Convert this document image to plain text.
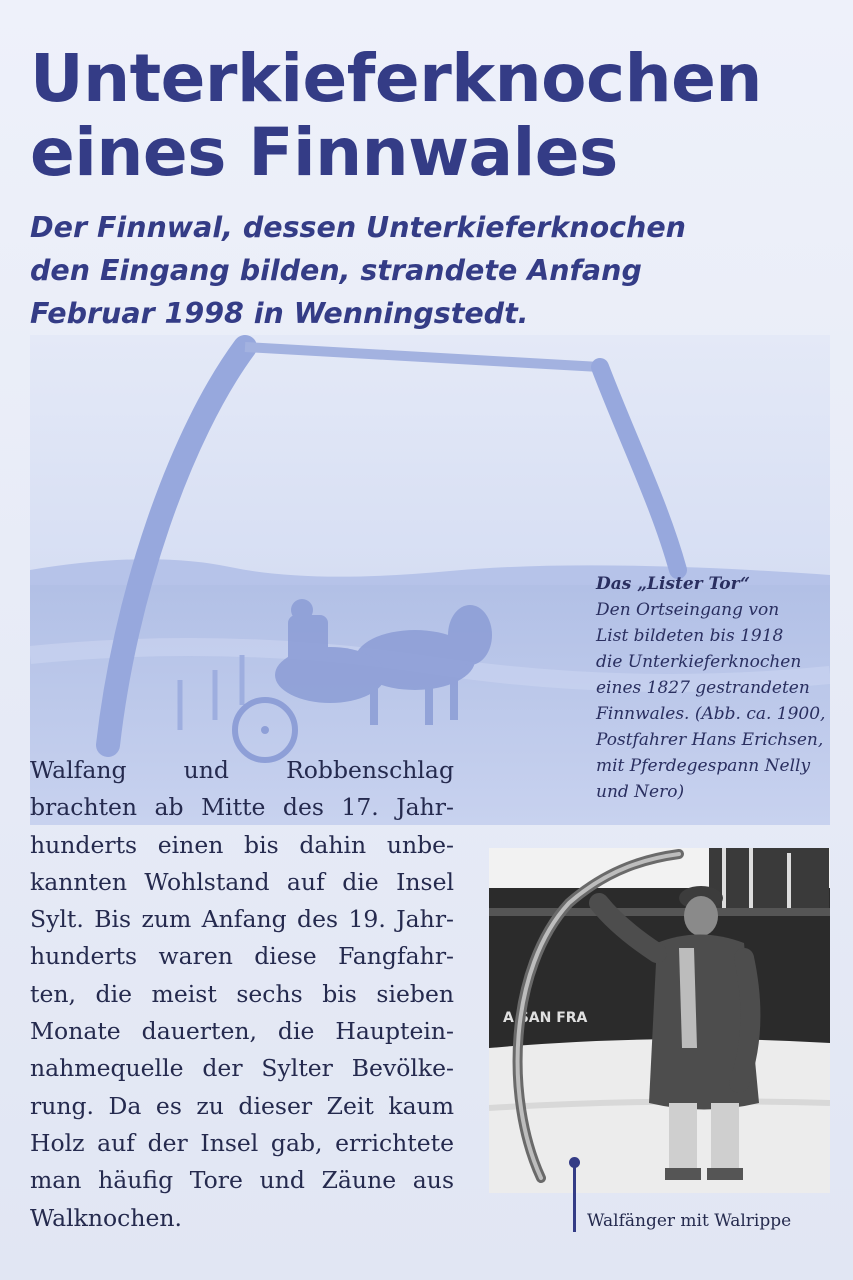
Unterkieferknochen
eines Finnwales
Der Finnwal, dessen Unterkieferknochen
den Eingang bilden, strandete Anfang
Februar 1998 in Wenningstedt.
Das „Lister Tor“
Den Ortseingang von
List bildeten bis 1918
die Unterkieferknochen
eines 1827 gestrandeten
Finnwales. (Abb. ca. 1900,
Postfahrer Hans Erichsen,
mit Pferdegespann Nelly
und Nero)
Walfang und Robbenschlag
brachten ab Mitte des 17. Jahr-
hunderts einen bis dahin unbe-
kannten Wohlstand auf die Insel
Sylt. Bis zum Anfang des 19. Jahr-
hunderts waren diese Fangfahr-
ten, die meist sechs bis sieben
Monate dauerten, die Hauptein-
nahmequelle der Sylter Bevölke-
rung. Da es zu dieser Zeit kaum
Holz auf der Insel gab, errichtete
man häufig Tore und Zäune aus
Walknochen.
A SAN FRA
Walfänger mit Walrippe
